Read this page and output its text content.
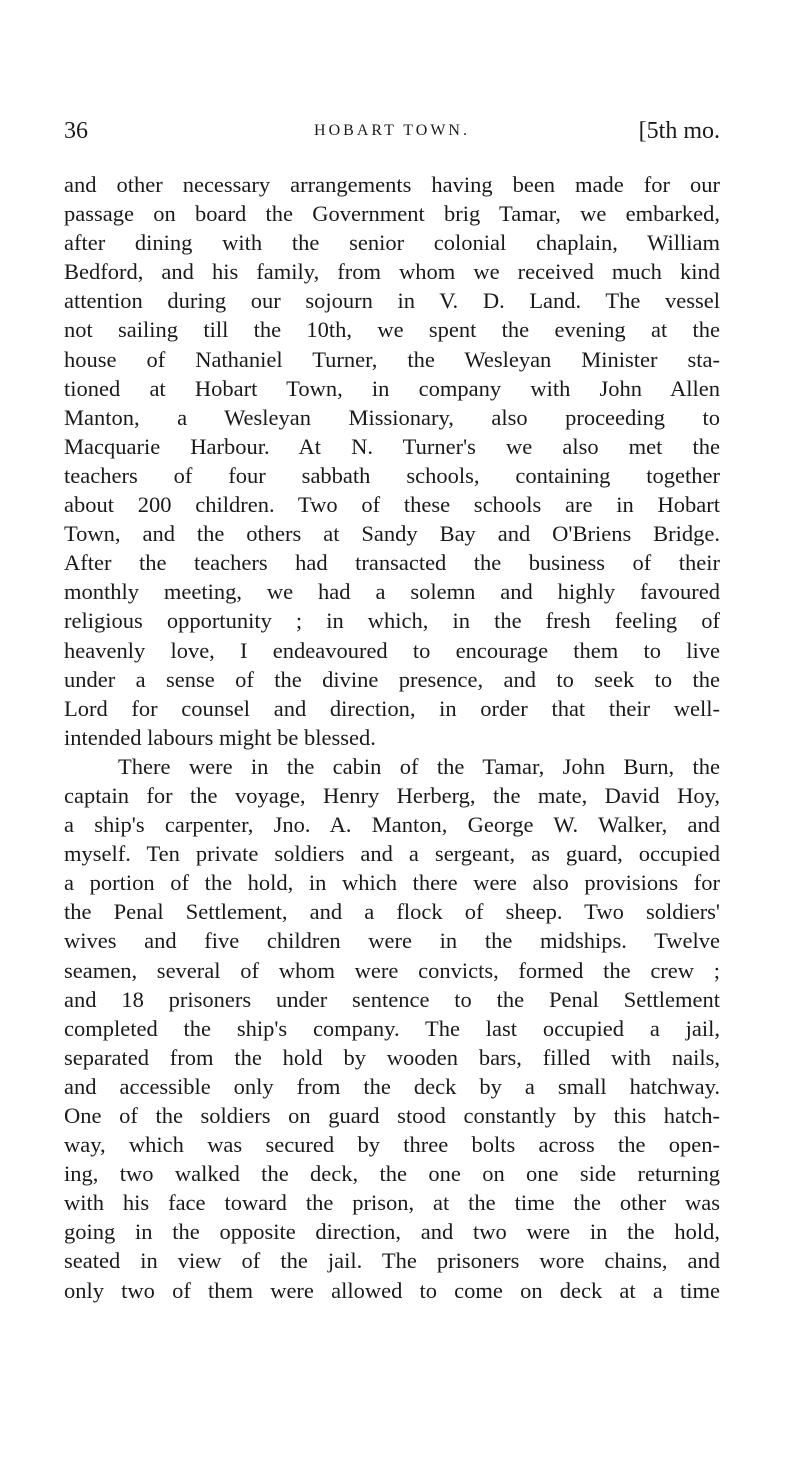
36	HOBART TOWN.	[5th mo.
and other necessary arrangements having been made for our
passage on board the Government brig Tamar, we embarked,
after dining with the senior colonial chaplain, William
Bedford, and his family, from whom we received much kind
attention during our sojourn in V. D. Land. The vessel
not sailing till the 10th, we spent the evening at the
house of Nathaniel Turner, the Wesleyan Minister sta-
tioned at Hobart Town, in company with John Allen
Manton, a Wesleyan Missionary, also proceeding to
Macquarie Harbour. At N. Turner's we also met the
teachers of four sabbath schools, containing together
about 200 children. Two of these schools are in Hobart
Town, and the others at Sandy Bay and O'Briens Bridge.
After the teachers had transacted the business of their
monthly meeting, we had a solemn and highly favoured
religious opportunity ; in which, in the fresh feeling of
heavenly love, I endeavoured to encourage them to live
under a sense of the divine presence, and to seek to the
Lord for counsel and direction, in order that their well-
intended labours might be blessed.
There were in the cabin of the Tamar, John Burn, the
captain for the voyage, Henry Herberg, the mate, David Hoy,
a ship's carpenter, Jno. A. Manton, George W. Walker, and
myself. Ten private soldiers and a sergeant, as guard, occupied
a portion of the hold, in which there were also provisions for
the Penal Settlement, and a flock of sheep. Two soldiers'
wives and five children were in the midships. Twelve
seamen, several of whom were convicts, formed the crew ;
and 18 prisoners under sentence to the Penal Settlement
completed the ship's company. The last occupied a jail,
separated from the hold by wooden bars, filled with nails,
and accessible only from the deck by a small hatchway.
One of the soldiers on guard stood constantly by this hatch-
way, which was secured by three bolts across the open-
ing, two walked the deck, the one on one side returning
with his face toward the prison, at the time the other was
going in the opposite direction, and two were in the hold,
seated in view of the jail. The prisoners wore chains, and
only two of them were allowed to come on deck at a time
